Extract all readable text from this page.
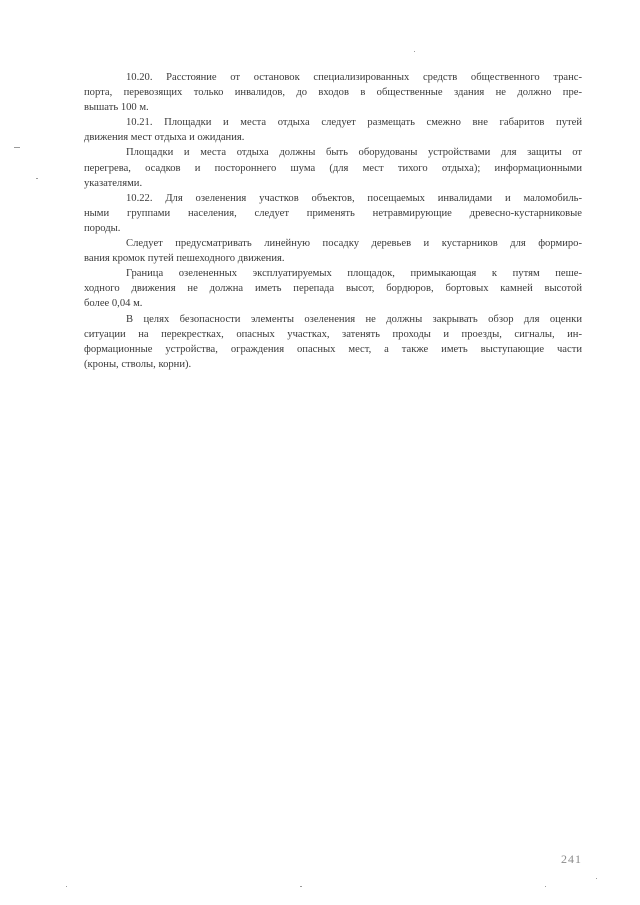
10.20. Расстояние от остановок специализированных средств общественного транс-
порта, перевозящих только инвалидов, до входов в общественные здания не должно пре-
вышать 100 м.

10.21. Площадки и места отдыха следует размещать смежно вне габаритов путей
движения мест отдыха и ожидания.

Площадки и места отдыха должны быть оборудованы устройствами для защиты от
перегрева, осадков и постороннего шума (для мест тихого отдыха); информационными
указателями.

10.22. Для озеленения участков объектов, посещаемых инвалидами и маломобиль-
ными группами населения, следует применять нетравмирующие древесно-кустарниковые
породы.

Следует предусматривать линейную посадку деревьев и кустарников для формиро-
вания кромок путей пешеходного движения.

Граница озелененных эксплуатируемых площадок, примыкающая к путям пеше-
ходного движения не должна иметь перепада высот, бордюров, бортовых камней высотой
более 0,04 м.

В целях безопасности элементы озеленения не должны закрывать обзор для оценки
ситуации на перекрестках, опасных участках, затенять проходы и проезды, сигналы, ин-
формационные устройства, ограждения опасных мест, а также иметь выступающие части
(кроны, стволы, корни).

241
